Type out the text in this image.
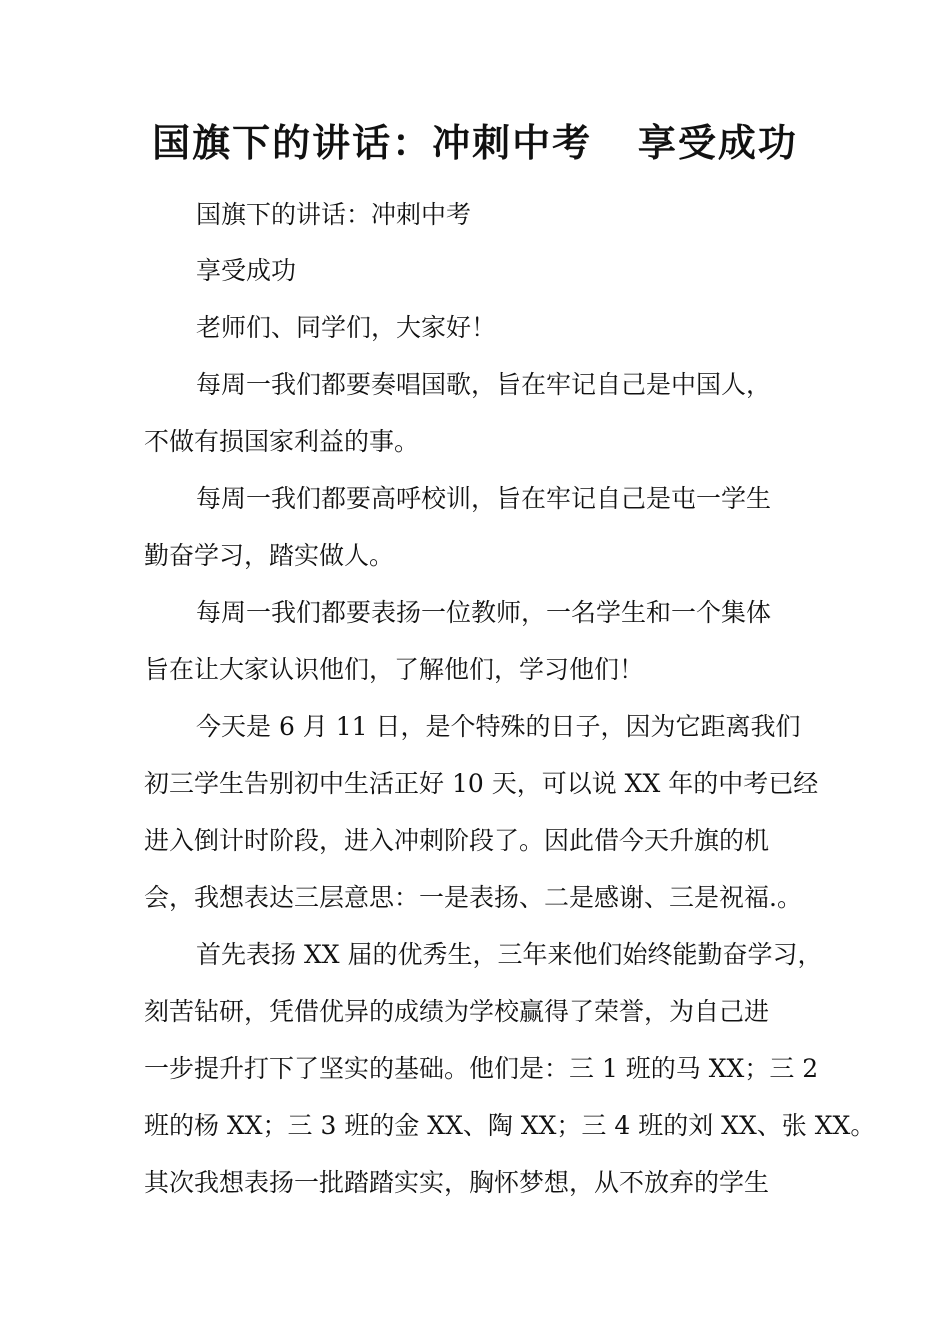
国旗下的讲话：冲刺中考   享受成功

国旗下的讲话：冲刺中考

享受成功

老师们、同学们，大家好！

每周一我们都要奏唱国歌，旨在牢记自己是中国人，

不做有损国家利益的事。

每周一我们都要高呼校训，旨在牢记自己是屯一学生

勤奋学习，踏实做人。

每周一我们都要表扬一位教师，一名学生和一个集体

旨在让大家认识他们，了解他们，学习他们！

今天是 6 月 11 日，是个特殊的日子，因为它距离我们

初三学生告别初中生活正好 10 天，可以说 XX 年的中考已经

进入倒计时阶段，进入冲刺阶段了。因此借今天升旗的机

会，我想表达三层意思：一是表扬、二是感谢、三是祝福.。

首先表扬 XX 届的优秀生，三年来他们始终能勤奋学习，

刻苦钻研，凭借优异的成绩为学校赢得了荣誉，为自己进

一步提升打下了坚实的基础。他们是：三 1 班的马 XX；三 2

班的杨 XX；三 3 班的金 XX、陶 XX；三 4 班的刘 XX、张 XX。

其次我想表扬一批踏踏实实，胸怀梦想，从不放弃的学生
